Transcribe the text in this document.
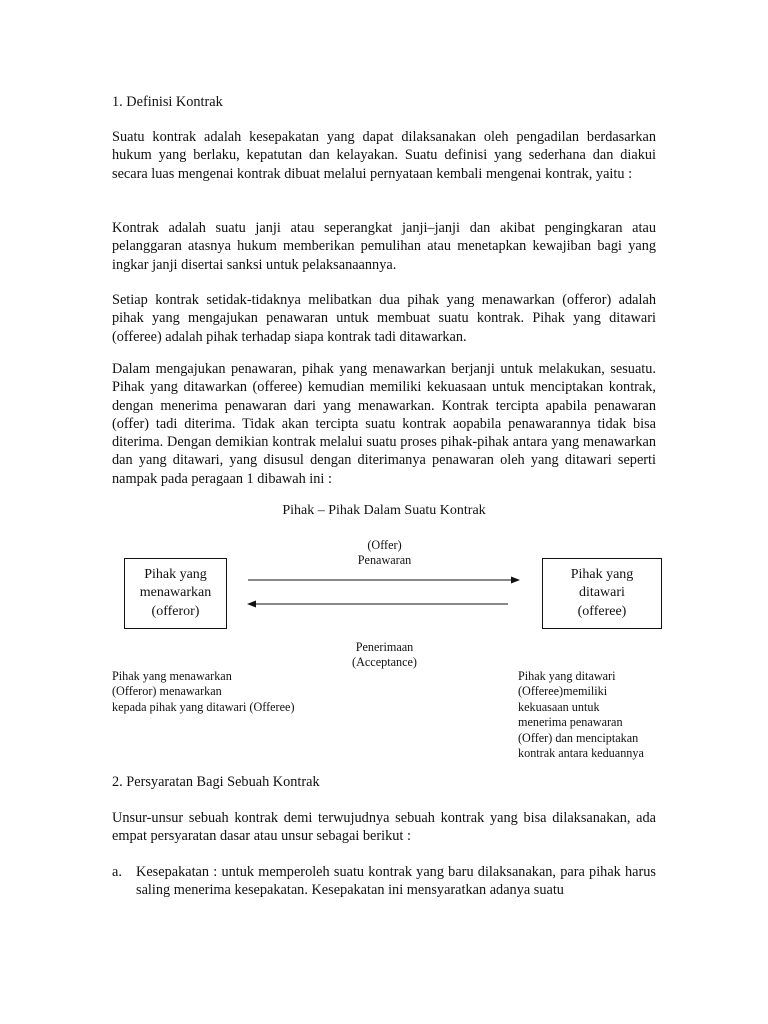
1. Definisi Kontrak

Suatu kontrak adalah kesepakatan yang dapat dilaksanakan oleh pengadilan berdasarkan hukum yang berlaku, kepatutan dan kelayakan. Suatu definisi yang sederhana dan diakui secara luas mengenai kontrak dibuat melalui pernyataan kembali mengenai kontrak, yaitu :

Kontrak adalah suatu janji atau seperangkat janji–janji dan akibat pengingkaran atau pelanggaran atasnya hukum memberikan pemulihan atau menetapkan kewajiban bagi yang ingkar janji disertai sanksi untuk pelaksanaannya.

Setiap kontrak setidak-tidaknya melibatkan dua pihak yang menawarkan (offeror) adalah pihak yang mengajukan penawaran untuk membuat suatu kontrak. Pihak yang ditawari (offeree) adalah pihak terhadap siapa kontrak tadi ditawarkan.

Dalam mengajukan penawaran, pihak yang menawarkan berjanji untuk melakukan, sesuatu. Pihak yang ditawarkan (offeree) kemudian memiliki kekuasaan untuk menciptakan kontrak, dengan menerima penawaran dari yang menawarkan. Kontrak tercipta apabila penawaran (offer) tadi diterima. Tidak akan tercipta suatu kontrak aopabila penawarannya tidak bisa diterima. Dengan demikian kontrak melalui suatu proses pihak-pihak antara yang menawarkan dan yang ditawari, yang disusul dengan diterimanya penawaran oleh yang ditawari seperti nampak pada peragaan 1 dibawah ini :

Pihak – Pihak Dalam Suatu Kontrak
(Offer)
Penawaran
Pihak yang
menawarkan
(offeror)
Pihak yang
ditawari
(offeree)
Penerimaan
(Acceptance)
Pihak yang menawarkan
(Offeror) menawarkan
kepada pihak yang ditawari (Offeree)
Pihak yang ditawari
(Offeree)memiliki
kekuasaan untuk
menerima penawaran
(Offer) dan menciptakan
kontrak antara keduannya

2. Persyaratan Bagi Sebuah Kontrak

Unsur-unsur sebuah kontrak demi terwujudnya sebuah kontrak yang bisa dilaksanakan, ada empat persyaratan dasar atau unsur sebagai berikut :

a. Kesepakatan : untuk memperoleh suatu kontrak yang baru dilaksanakan, para pihak harus saling menerima kesepakatan. Kesepakatan ini mensyaratkan adanya suatu
